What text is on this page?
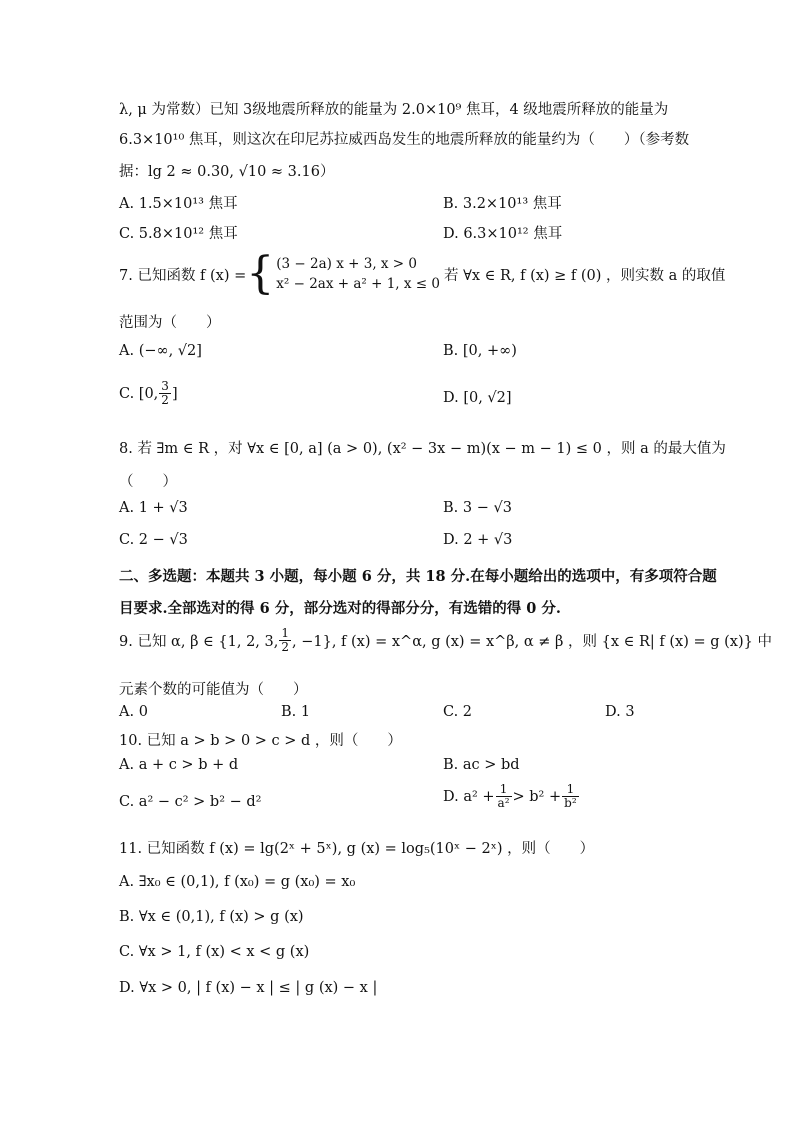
λ, μ 为常数）已知 3级地震所释放的能量为 2.0×10⁹ 焦耳，4 级地震所释放的能量为
6.3×10¹⁰ 焦耳，则这次在印尼苏拉威西岛发生的地震所释放的能量约为（　　）（参考数
据：lg 2 ≈ 0.30, √10 ≈ 3.16）
A. 1.5×10¹³ 焦耳	B. 3.2×10¹³ 焦耳
C. 5.8×10¹² 焦耳	D. 6.3×10¹² 焦耳
7. 已知函数 f (x) = { (3 − 2a) x + 3, x > 0
x² − 2ax + a² + 1, x ≤ 0
若 ∀x ∈ R, f (x) ≥ f (0) ，则实数 a 的取值
范围为（　　）
A. (−∞, √2]	B. [0, +∞)
C. [0, $\frac{3}{2}$ ]	D. [0, √2]
8. 若 ∃m ∈ R ，对 ∀x ∈ [0, a] (a > 0), (x² − 3x − m)(x − m − 1) ≤ 0 ，则 a 的最大值为
（　　）
A. 1 + √3	B. 3 − √3
C. 2 − √3	D. 2 + √3
二、多选题：本题共 3 小题，每小题 6 分，共 18 分.在每小题给出的选项中，有多项符合题
目要求.全部选对的得 6 分，部分选对的得部分分，有选错的得 0 分.
9. 已知 α, β ∈ {1, 2, 3, $\frac{1}{2}$ , −1}, f (x) = x^α, g (x) = x^β, α ≠ β ，则 {x ∈ R| f (x) = g (x)} 中
元素个数的可能值为（　　）
A. 0	B. 1	C. 2	D. 3
10. 已知 a > b > 0 > c > d ，则（　　）
A. a + c > b + d	B. ac > bd
C. a² − c² > b² − d²	D. $a^2 + \frac{1}{\text{a²}} > b^2 + \frac{1}{\text{b²}}$
11. 已知函数 f (x) = lg(2ˣ + 5ˣ), g (x) = log₅(10ˣ − 2ˣ) ，则（　　）
A. ∃x₀ ∈ (0,1), f (x₀) = g (x₀) = x₀
B. ∀x ∈ (0,1), f (x) > g (x)
C. ∀x > 1, f (x) < x < g (x)
D. ∀x > 0, | f (x) − x | ≤ | g (x) − x |
